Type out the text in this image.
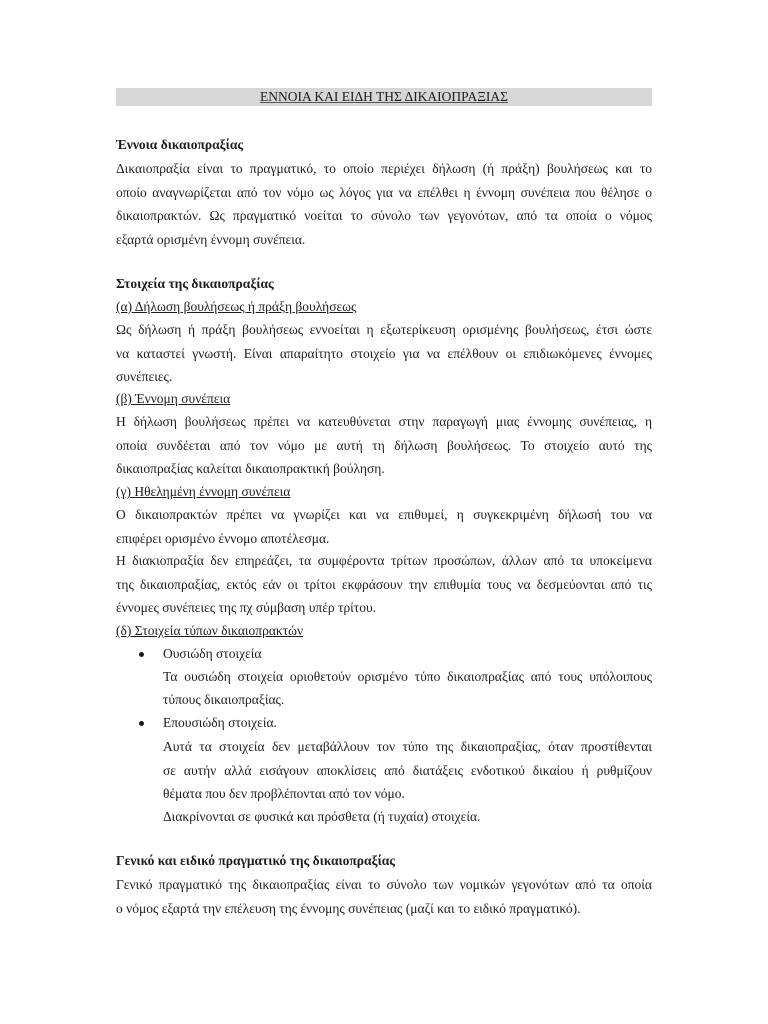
ΕΝΝΟΙΑ ΚΑΙ ΕΙΔΗ ΤΗΣ ΔΙΚΑΙΟΠΡΑΞΙΑΣ
Έννοια δικαιοπραξίας
Δικαιοπραξία είναι το πραγματικό, το οποίο περιέχει δήλωση (ή πράξη) βουλήσεως και το
οποίο αναγνωρίζεται από τον νόμο ως λόγος για να επέλθει η έννομη συνέπεια που θέλησε ο
δικαιοπρακτών. Ως πραγματικό νοείται το σύνολο των γεγονότων, από τα οποία ο νόμος
εξαρτά ορισμένη έννομη συνέπεια.
Στοιχεία της δικαιοπραξίας
(α) Δήλωση βουλήσεως ή πράξη βουλήσεως
Ως δήλωση ή πράξη βουλήσεως εννοείται η εξωτερίκευση ορισμένης βουλήσεως, έτσι ώστε
να καταστεί γνωστή. Είναι απαραίτητο στοιχείο για να επέλθουν οι επιδιωκόμενες έννομες
συνέπειες.
(β) Έννομη συνέπεια
Η δήλωση βουλήσεως πρέπει να κατευθύνεται στην παραγωγή μιας έννομης συνέπειας, η
οποία συνδέεται από τον νόμο με αυτή τη δήλωση βουλήσεως. Το στοιχείο αυτό της
δικαιοπραξίας καλείται δικαιοπρακτική βούληση.
(γ) Ηθελημένη έννομη συνέπεια
Ο δικαιοπρακτών πρέπει να γνωρίζει και να επιθυμεί, η συγκεκριμένη δήλωσή του να
επιφέρει ορισμένο έννομο αποτέλεσμα.
Η διακιοπραξία δεν επηρεάζει, τα συμφέροντα τρίτων προσώπων, άλλων από τα υποκείμενα
της δικαιοπραξίας, εκτός εάν οι τρίτοι εκφράσουν την επιθυμία τους να δεσμεύονται από τις
έννομες συνέπειες της πχ σύμβαση υπέρ τρίτου.
(δ) Στοιχεία τύπων δικαιοπρακτών
Ουσιώδη στοιχεία
Τα ουσιώδη στοιχεία οριοθετούν ορισμένο τύπο δικαιοπραξίας από τους υπόλοιπους
τύπους δικαιοπραξίας.
Επουσιώδη στοιχεία.
Αυτά τα στοιχεία δεν μεταβάλλουν τον τύπο της δικαιοπραξίας, όταν προστίθενται
σε αυτήν αλλά εισάγουν αποκλίσεις από διατάξεις ενδοτικού δικαίου ή ρυθμίζουν
θέματα που δεν προβλέπονται από τον νόμο.
Διακρίνονται σε φυσικά και πρόσθετα (ή τυχαία) στοιχεία.
Γενικό και ειδικό πραγματικό της δικαιοπραξίας
Γενικό πραγματικό της δικαιοπραξίας είναι το σύνολο των νομικών γεγονότων από τα οποία
ο νόμος εξαρτά την επέλευση της έννομης συνέπειας (μαζί και το ειδικό πραγματικό).
